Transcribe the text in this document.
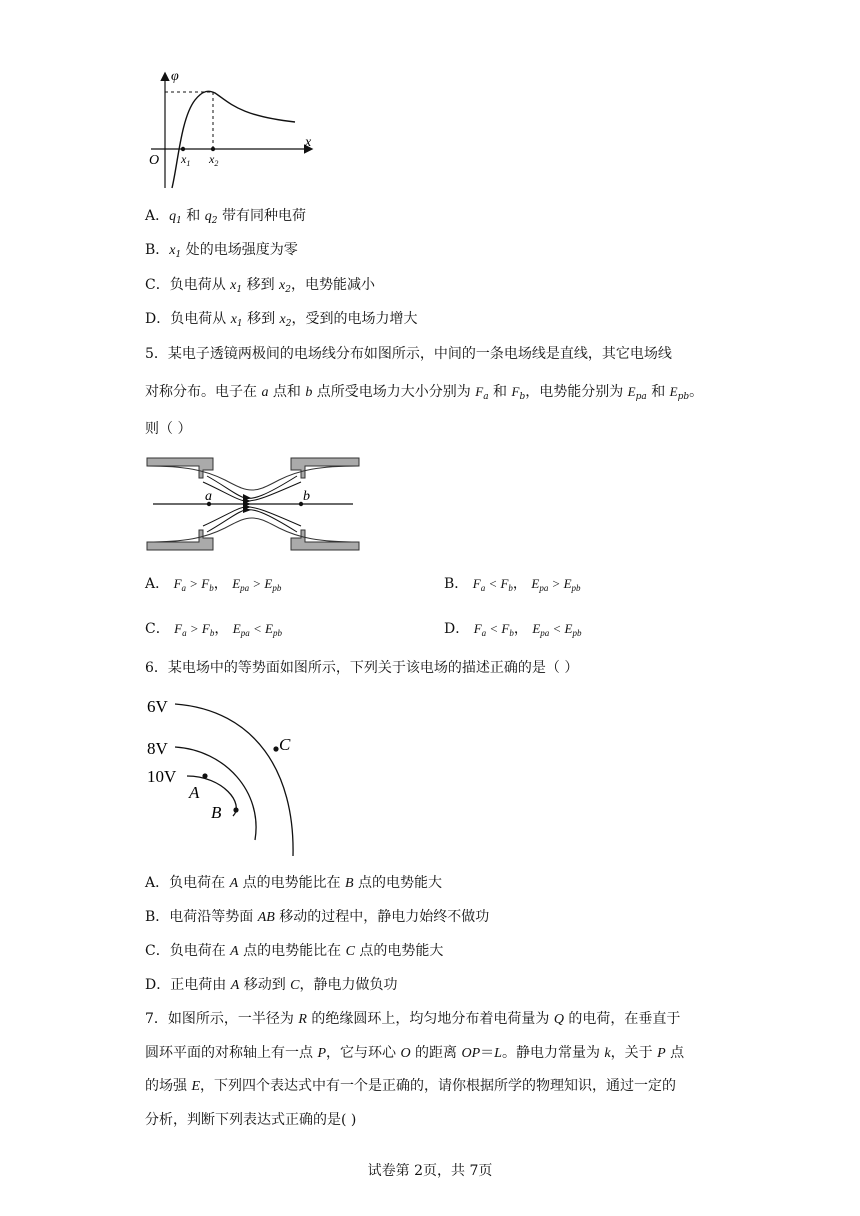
φ
x
O $x_1$ $x_2$
A．$q_1$ 和 $q_2$ 带有同种电荷
B．$x_1$ 处的电场强度为零
C．负电荷从 $x_1$ 移到 $x_2$，电势能减小
D．负电荷从 $x_1$ 移到 $x_2$，受到的电场力增大
5．某电子透镜两极间的电场线分布如图所示，中间的一条电场线是直线，其它电场线
对称分布。电子在 a 点和 b 点所受电场力大小分别为 $F_a$ 和 $F_b$，电势能分别为 $E_{pa}$ 和 $E_{pb}$。
则（ ）
a	b
A． $F_a > F_b$， $E_{pa} > E_{pb}$	B． $F_a < F_b$， $E_{pa} > E_{pb}$
C． $F_a > F_b$， $E_{pa} < E_{pb}$	D． $F_a < F_b$， $E_{pa} < E_{pb}$
6．某电场中的等势面如图所示，下列关于该电场的描述正确的是（ ）
6V
8V
10V
A
B
C
A．负电荷在 A 点的电势能比在 B 点的电势能大
B．电荷沿等势面 AB 移动的过程中，静电力始终不做功
C．负电荷在 A 点的电势能比在 C 点的电势能大
D．正电荷由 A 移动到 C，静电力做负功
7．如图所示，一半径为 R 的绝缘圆环上，均匀地分布着电荷量为 Q 的电荷，在垂直于
圆环平面的对称轴上有一点 P，它与环心 O 的距离 OP＝L。静电力常量为 k，关于 P 点
的场强 E，下列四个表达式中有一个是正确的，请你根据所学的物理知识，通过一定的
分析，判断下列表达式正确的是( )
试卷第 2页，共 7页
